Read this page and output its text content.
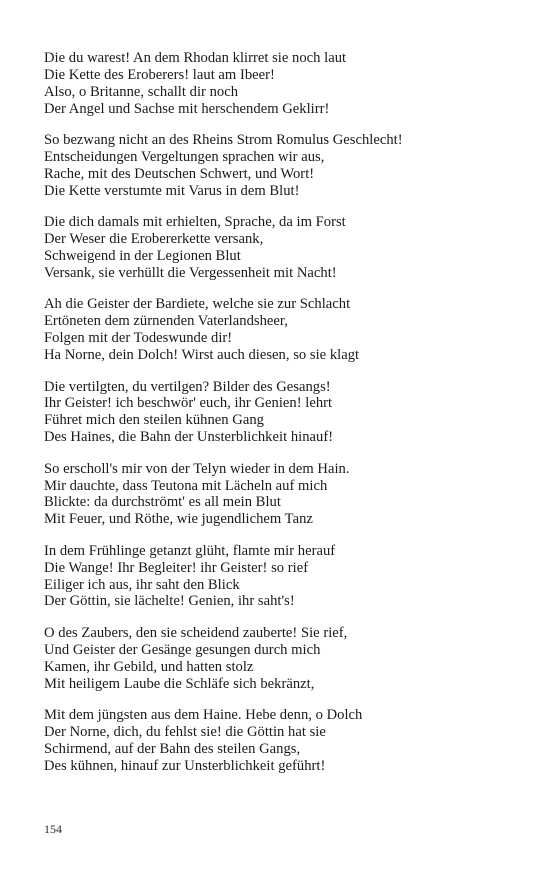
Die du warest! An dem Rhodan klirret sie noch laut
Die Kette des Eroberers! laut am Ibeer!
Also, o Britanne, schallt dir noch
Der Angel und Sachse mit herschendem Geklirr!
So bezwang nicht an des Rheins Strom Romulus Geschlecht!
Entscheidungen Vergeltungen sprachen wir aus,
Rache, mit des Deutschen Schwert, und Wort!
Die Kette verstumte mit Varus in dem Blut!
Die dich damals mit erhielten, Sprache, da im Forst
Der Weser die Erobererkette versank,
Schweigend in der Legionen Blut
Versank, sie verhüllt die Vergessenheit mit Nacht!
Ah die Geister der Bardiete, welche sie zur Schlacht
Ertöneten dem zürnenden Vaterlandsheer,
Folgen mit der Todeswunde dir!
Ha Norne, dein Dolch! Wirst auch diesen, so sie klagt
Die vertilgten, du vertilgen? Bilder des Gesangs!
Ihr Geister! ich beschwör' euch, ihr Genien! lehrt
Führet mich den steilen kühnen Gang
Des Haines, die Bahn der Unsterblichkeit hinauf!
So erscholl's mir von der Telyn wieder in dem Hain.
Mir dauchte, dass Teutona mit Lächeln auf mich
Blickte: da durchströmt' es all mein Blut
Mit Feuer, und Röthe, wie jugendlichem Tanz
In dem Frühlinge getanzt glüht, flamte mir herauf
Die Wange! Ihr Begleiter! ihr Geister! so rief
Eiliger ich aus, ihr saht den Blick
Der Göttin, sie lächelte! Genien, ihr saht's!
O des Zaubers, den sie scheidend zauberte! Sie rief,
Und Geister der Gesänge gesungen durch mich
Kamen, ihr Gebild, und hatten stolz
Mit heiligem Laube die Schläfe sich bekränzt,
Mit dem jüngsten aus dem Haine. Hebe denn, o Dolch
Der Norne, dich, du fehlst sie! die Göttin hat sie
Schirmend, auf der Bahn des steilen Gangs,
Des kühnen, hinauf zur Unsterblichkeit geführt!
154
